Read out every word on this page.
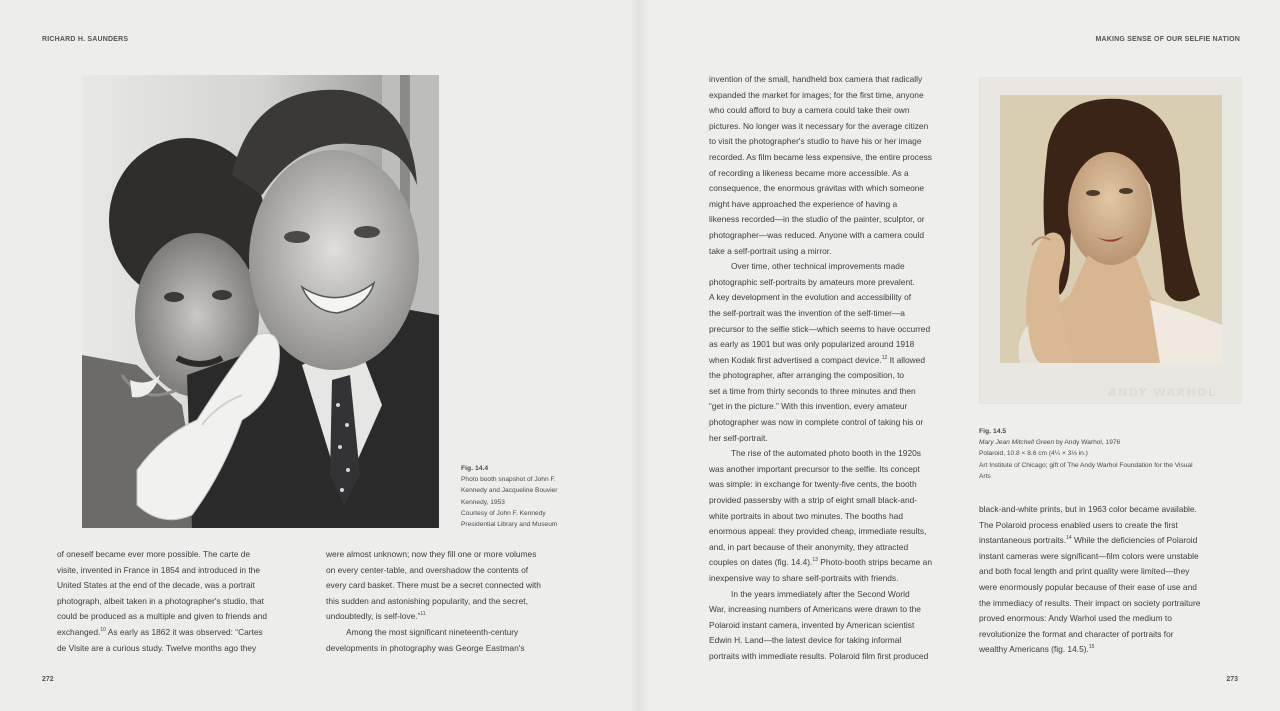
RICHARD H. SAUNDERS
Fig. 14.4
Photo booth snapshot of John F.
Kennedy and Jacqueline Bouvier
Kennedy, 1953
Courtesy of John F. Kennedy
Presidential Library and Museum
of oneself became ever more possible. The carte de
visite, invented in France in 1854 and introduced in the
United States at the end of the decade, was a portrait
photograph, albeit taken in a photographer's studio, that
could be produced as a multiple and given to friends and
exchanged.$^{10}$ As early as 1862 it was observed: “Cartes
de Visite are a curious study. Twelve months ago they
were almost unknown; now they fill one or more volumes
on every center-table, and overshadow the contents of
every card basket. There must be a secret connected with
this sudden and astonishing popularity, and the secret,
undoubtedly, is self-love.”$^{11}$
Among the most significant nineteenth-century
developments in photography was George Eastman's
272
MAKING SENSE OF OUR SELFIE NATION
273
invention of the small, handheld box camera that radically
expanded the market for images; for the first time, anyone
who could afford to buy a camera could take their own
pictures. No longer was it necessary for the average citizen
to visit the photographer's studio to have his or her image
recorded. As film became less expensive, the entire process
of recording a likeness became more accessible. As a
consequence, the enormous gravitas with which someone
might have approached the experience of having a
likeness recorded—in the studio of the painter, sculptor, or
photographer—was reduced. Anyone with a camera could
take a self-portrait using a mirror.
Over time, other technical improvements made
photographic self-portraits by amateurs more prevalent.
A key development in the evolution and accessibility of
the self-portrait was the invention of the self-timer—a
precursor to the selfie stick—which seems to have occurred
as early as 1901 but was only popularized around 1918
when Kodak first advertised a compact device.$^{12}$ It allowed
the photographer, after arranging the composition, to
set a time from thirty seconds to three minutes and then
“get in the picture.” With this invention, every amateur
photographer was now in complete control of taking his or
her self-portrait.
The rise of the automated photo booth in the 1920s
was another important precursor to the selfie. Its concept
was simple: in exchange for twenty-five cents, the booth
provided passersby with a strip of eight small black-and-
white portraits in about two minutes. The booths had
enormous appeal: they provided cheap, immediate results,
and, in part because of their anonymity, they attracted
couples on dates (fig. 14.4).$^{13}$ Photo-booth strips became an
inexpensive way to share self-portraits with friends.
In the years immediately after the Second World
War, increasing numbers of Americans were drawn to the
Polaroid instant camera, invented by American scientist
Edwin H. Land—the latest device for taking informal
portraits with immediate results. Polaroid film first produced
ANDY WARHOL
Fig. 14.5
Mary Jean Mitchell Green by Andy Warhol, 1976
Polaroid, 10.8 × 8.6 cm (4¼ × 3⅓ in.)
Art Institute of Chicago; gift of The Andy Warhol Foundation for the Visual
Arts
black-and-white prints, but in 1963 color became available.
The Polaroid process enabled users to create the first
instantaneous portraits.$^{14}$ While the deficiencies of Polaroid
instant cameras were significant—film colors were unstable
and both focal length and print quality were limited—they
were enormously popular because of their ease of use and
the immediacy of results. Their impact on society portraiture
proved enormous: Andy Warhol used the medium to
revolutionize the format and character of portraits for
wealthy Americans (fig. 14.5).$^{15}$
